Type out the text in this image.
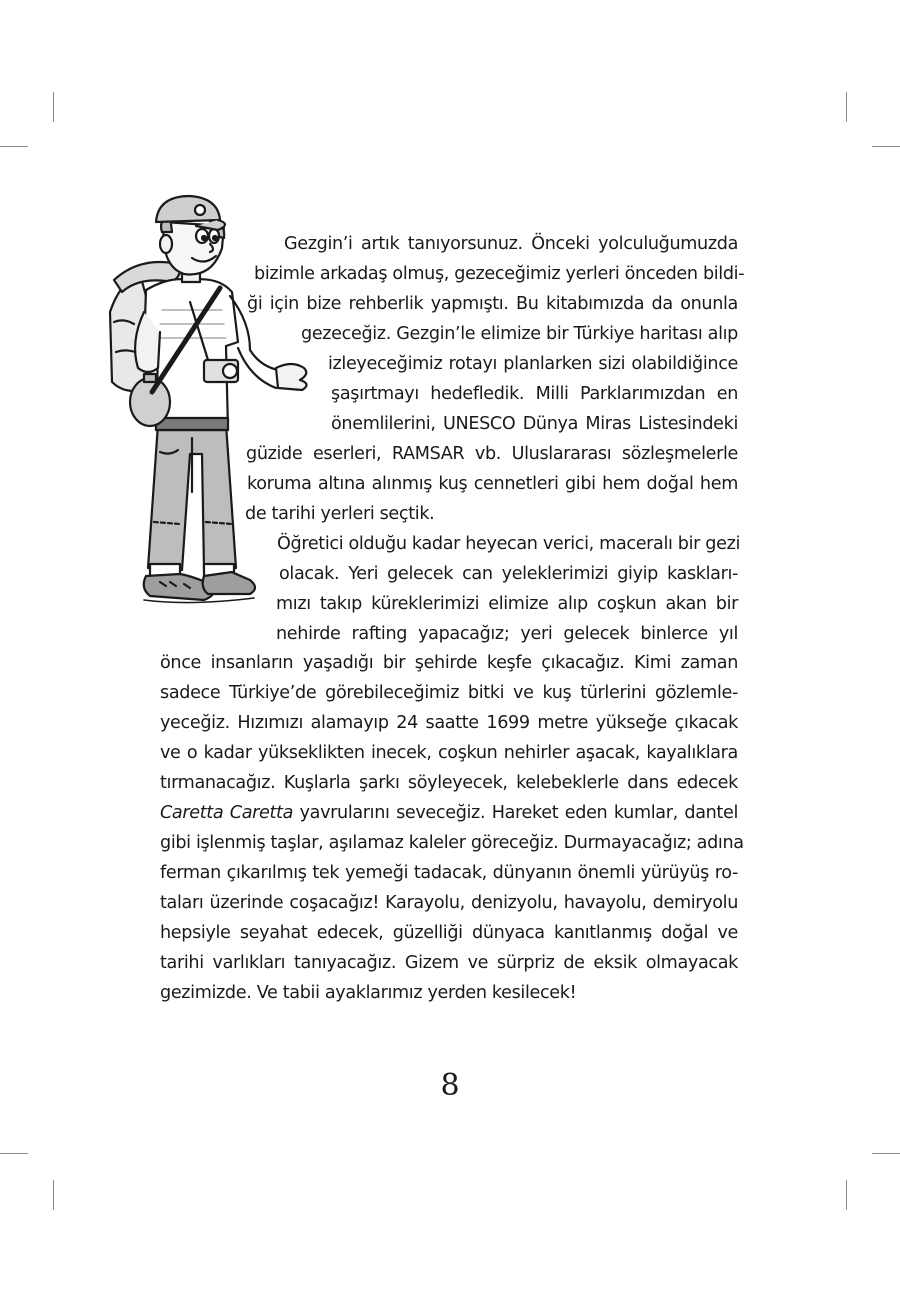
Gezgin’i artık tanıyorsunuz. Önceki yolculuğumuzda
bizimle arkadaş olmuş, gezeceğimiz yerleri önceden bildi-
ği için bize rehberlik yapmıştı. Bu kitabımızda da onunla
gezeceğiz. Gezgin’le elimize bir Türkiye haritası alıp
izleyeceğimiz rotayı planlarken sizi olabildiğince
şaşırtmayı hedefledik. Milli Parklarımızdan en
önemlilerini, UNESCO Dünya Miras Listesindeki
güzide eserleri, RAMSAR vb. Uluslararası sözleşmelerle
koruma altına alınmış kuş cennetleri gibi hem doğal hem
de tarihi yerleri seçtik.
Öğretici olduğu kadar heyecan verici, maceralı bir gezi
olacak. Yeri gelecek can yeleklerimizi giyip kaskları-
mızı takıp küreklerimizi elimize alıp coşkun akan bir
nehirde rafting yapacağız; yeri gelecek binlerce yıl
önce insanların yaşadığı bir şehirde keşfe çıkacağız. Kimi zaman
sadece Türkiye’de görebileceğimiz bitki ve kuş türlerini gözlemle-
yeceğiz. Hızımızı alamayıp 24 saatte 1699 metre yükseğe çıkacak
ve o kadar yükseklikten inecek, coşkun nehirler aşacak, kayalıklara
tırmanacağız. Kuşlarla şarkı söyleyecek, kelebeklerle dans edecek
Caretta Caretta yavrularını seveceğiz. Hareket eden kumlar, dantel
gibi işlenmiş taşlar, aşılamaz kaleler göreceğiz. Durmayacağız; adına
ferman çıkarılmış tek yemeği tadacak, dünyanın önemli yürüyüş ro-
taları üzerinde coşacağız! Karayolu, denizyolu, havayolu, demiryolu
hepsiyle seyahat edecek, güzelliği dünyaca kanıtlanmış doğal ve
tarihi varlıkları tanıyacağız. Gizem ve sürpriz de eksik olmayacak
gezimizde. Ve tabii ayaklarımız yerden kesilecek!
8
